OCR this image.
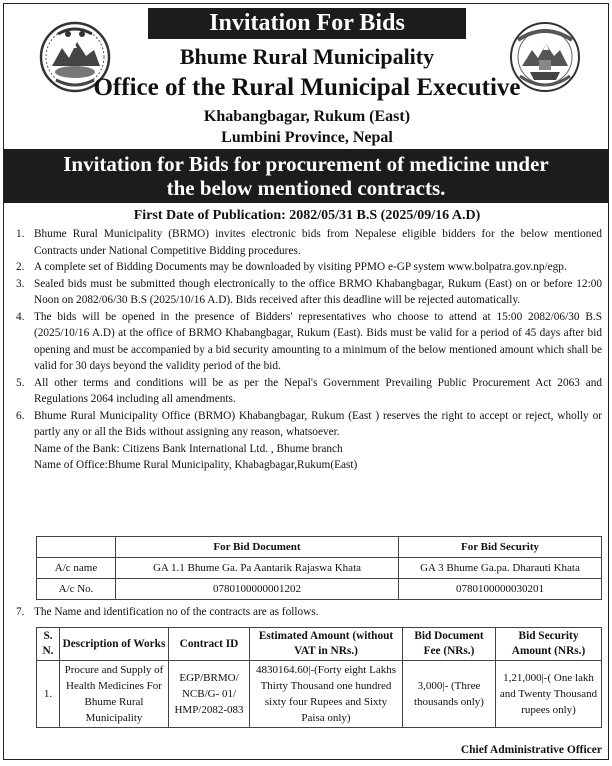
Invitation For Bids
Bhume Rural Municipality
Office of the Rural Municipal Executive
Khabangbagar, Rukum (East)
Lumbini Province, Nepal
Invitation for Bids for procurement of medicine under
the below mentioned contracts.
First Date of Publication: 2082/05/31 B.S (2025/09/16 A.D)
1. Bhume Rural Municipality (BRMO) invites electronic bids from Nepalese eligible bidders for the below mentioned Contracts under National Competitive Bidding procedures.
2. A complete set of Bidding Documents may be downloaded by visiting PPMO e-GP system www.bolpatra.gov.np/egp.
3. Sealed bids must be submitted though electronically to the office BRMO Khabangbagar, Rukum (East) on or before 12:00 Noon on 2082/06/30 B.S (2025/10/16 A.D). Bids received after this deadline will be rejected automatically.
4. The bids will be opened in the presence of Bidders' representatives who choose to attend at 15:00 2082/06/30 B.S (2025/10/16 A.D) at the office of BRMO Khabangbagar, Rukum (East). Bids must be valid for a period of 45 days after bid opening and must be accompanied by a bid security amounting to a minimum of the below mentioned amount which shall be valid for 30 days beyond the validity period of the bid.
5. All other terms and conditions will be as per the Nepal's Government Prevailing Public Procurement Act 2063 and Regulations 2064 including all amendments.
6. Bhume Rural Municipality Office (BRMO) Khabangbagar, Rukum (East ) reserves the right to accept or reject, wholly or partly any or all the Bids without assigning any reason, whatsoever.
Name of the Bank: Citizens Bank International Ltd. , Bhume branch
Name of Office:Bhume Rural Municipality, Khabagbagar,Rukum(East)
	For Bid Document	For Bid Security
A/c name	GA 1.1 Bhume Ga. Pa Aantarik Rajaswa Khata	GA 3 Bhume Ga.pa. Dharauti Khata
A/c No.	0780100000001202	0780100000030201
7. The Name and identification no of the contracts are as follows.
S. N.	Description of Works	Contract ID	Estimated Amount (without VAT in NRs.)	Bid Document Fee (NRs.)	Bid Security Amount (NRs.)
1.	Procure and Supply of Health Medicines For Bhume Rural Municipality	EGP/BRMO/ NCB/G- 01/ HMP/2082-083	4830164.60|-(Forty eight Lakhs Thirty Thousand one hundred sixty four Rupees and Sixty Paisa only)	3,000|- (Three thousands only)	1,21,000|-( One lakh and Twenty Thousand rupees only)
Chief Administrative Officer
